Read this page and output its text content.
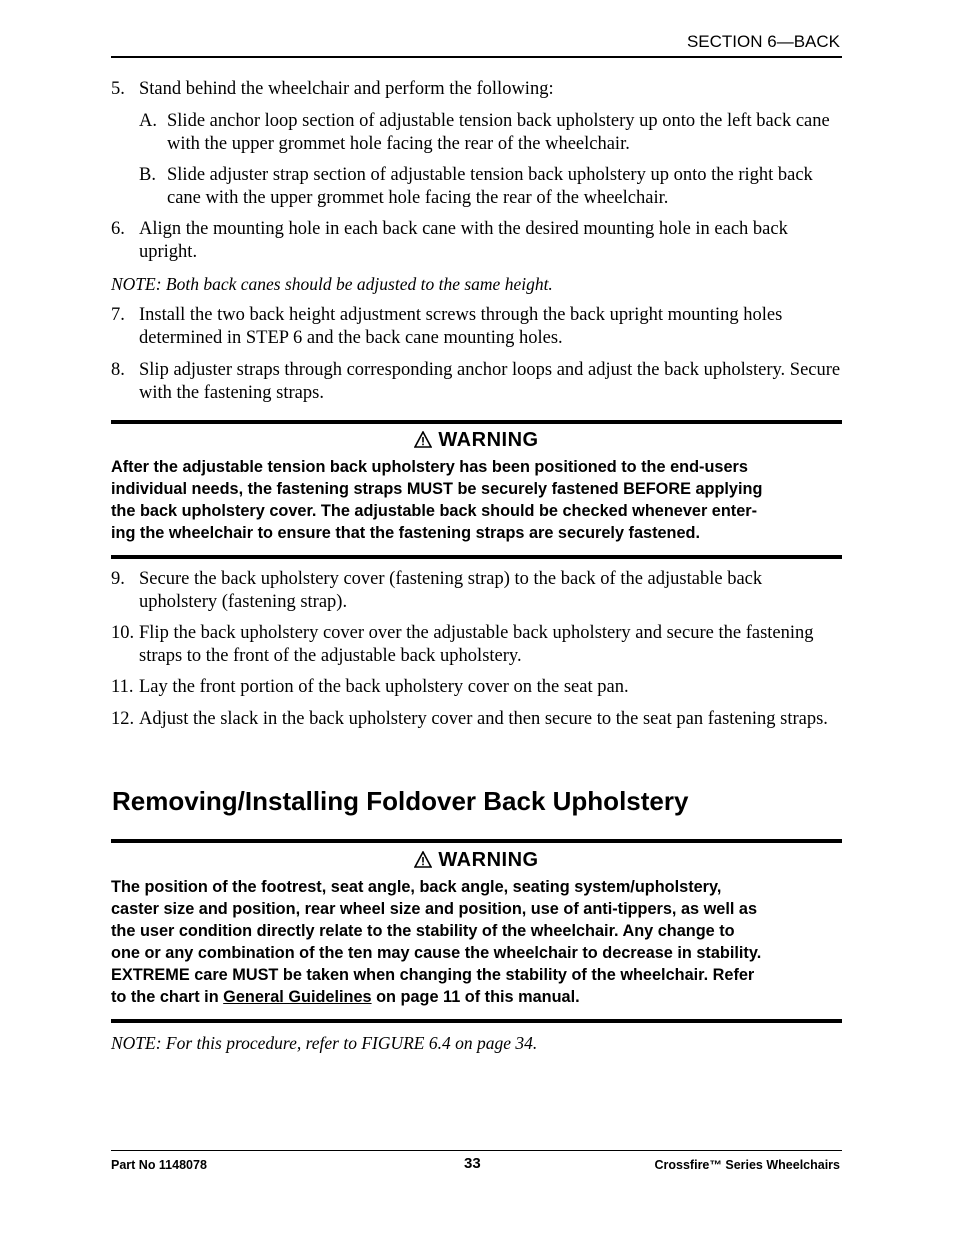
SECTION 6—BACK
5. Stand behind the wheelchair and perform the following:
A. Slide anchor loop section of adjustable tension back upholstery up onto the left back cane with the upper grommet hole facing the rear of the wheelchair.
B. Slide adjuster strap section of adjustable tension back upholstery up onto the right back cane with the upper grommet hole facing the rear of the wheelchair.
6. Align the mounting hole in each back cane with the desired mounting hole in each back upright.
NOTE: Both back canes should be adjusted to the same height.
7. Install the two back height adjustment screws through the back upright mounting holes determined in STEP 6 and the back cane mounting holes.
8. Slip adjuster straps through corresponding anchor loops and adjust the back upholstery. Secure with the fastening straps.
WARNING
After the adjustable tension back upholstery has been positioned to the end-users
individual needs, the fastening straps MUST be securely fastened BEFORE applying
the back upholstery cover. The adjustable back should be checked whenever enter-
ing the wheelchair to ensure that the fastening straps are securely fastened.
9. Secure the back upholstery cover (fastening strap) to the back of the adjustable back upholstery (fastening strap).
10. Flip the back upholstery cover over the adjustable back upholstery and secure the fastening straps to the front of the adjustable back upholstery.
11. Lay the front portion of the back upholstery cover on the seat pan.
12. Adjust the slack in the back upholstery cover and then secure to the seat pan fastening straps.
Removing/Installing Foldover Back Upholstery
WARNING
The position of the footrest, seat angle, back angle, seating system/upholstery,
caster size and position, rear wheel size and position, use of anti-tippers, as well as
the user condition directly relate to the stability of the wheelchair. Any change to
one or any combination of the ten may cause the wheelchair to decrease in stability.
EXTREME care MUST be taken when changing the stability of the wheelchair. Refer
to the chart in General Guidelines on page 11 of this manual.
NOTE: For this procedure, refer to FIGURE 6.4 on page 34.
Part No 1148078	33	Crossfire™ Series Wheelchairs
